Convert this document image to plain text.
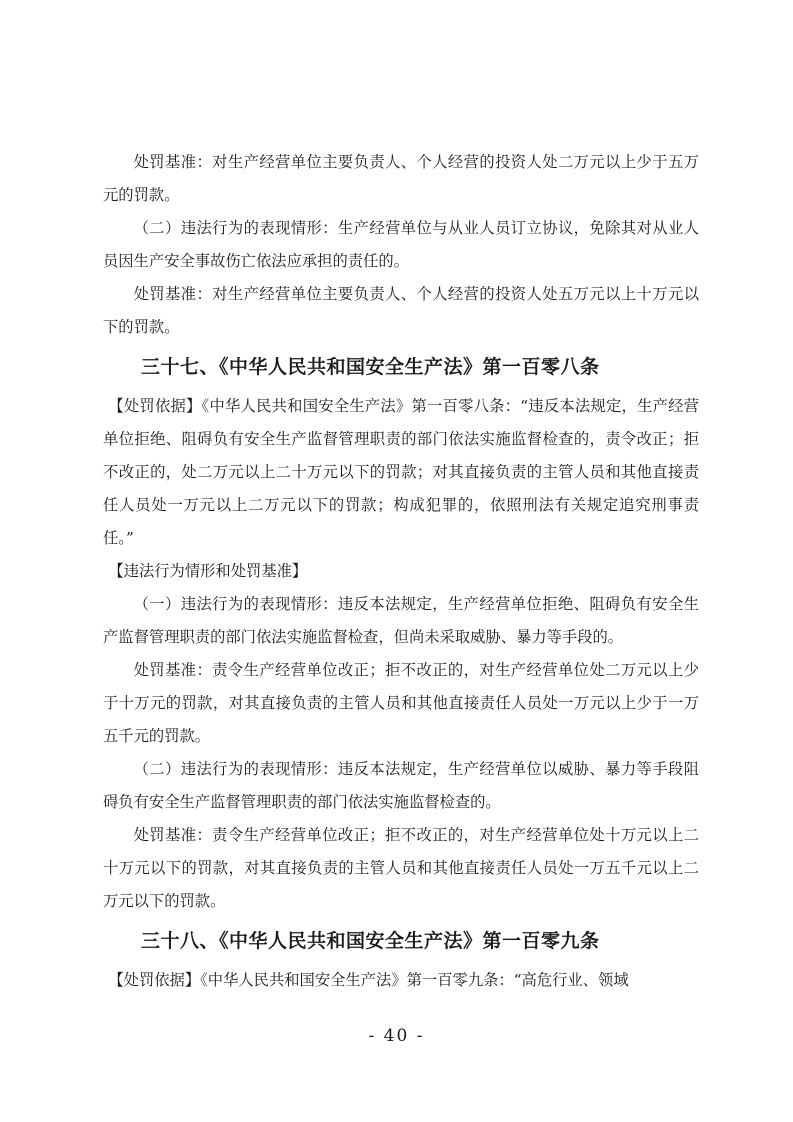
处罚基准：对生产经营单位主要负责人、个人经营的投资人处二万元以上少于五万元的罚款。

（二）违法行为的表现情形：生产经营单位与从业人员订立协议，免除其对从业人员因生产安全事故伤亡依法应承担的责任的。

处罚基准：对生产经营单位主要负责人、个人经营的投资人处五万元以上十万元以下的罚款。

三十七、《中华人民共和国安全生产法》第一百零八条

【处罚依据】《中华人民共和国安全生产法》第一百零八条：“违反本法规定，生产经营单位拒绝、阻碍负有安全生产监督管理职责的部门依法实施监督检查的，责令改正；拒不改正的，处二万元以上二十万元以下的罚款；对其直接负责的主管人员和其他直接责任人员处一万元以上二万元以下的罚款；构成犯罪的，依照刑法有关规定追究刑事责任。”

【违法行为情形和处罚基准】

（一）违法行为的表现情形：违反本法规定，生产经营单位拒绝、阻碍负有安全生产监督管理职责的部门依法实施监督检查，但尚未采取威胁、暴力等手段的。

处罚基准：责令生产经营单位改正；拒不改正的，对生产经营单位处二万元以上少于十万元的罚款，对其直接负责的主管人员和其他直接责任人员处一万元以上少于一万五千元的罚款。

（二）违法行为的表现情形：违反本法规定，生产经营单位以威胁、暴力等手段阻碍负有安全生产监督管理职责的部门依法实施监督检查的。

处罚基准：责令生产经营单位改正；拒不改正的，对生产经营单位处十万元以上二十万元以下的罚款，对其直接负责的主管人员和其他直接责任人员处一万五千元以上二万元以下的罚款。

三十八、《中华人民共和国安全生产法》第一百零九条

【处罚依据】《中华人民共和国安全生产法》第一百零九条：“高危行业、领域

- 40 -
